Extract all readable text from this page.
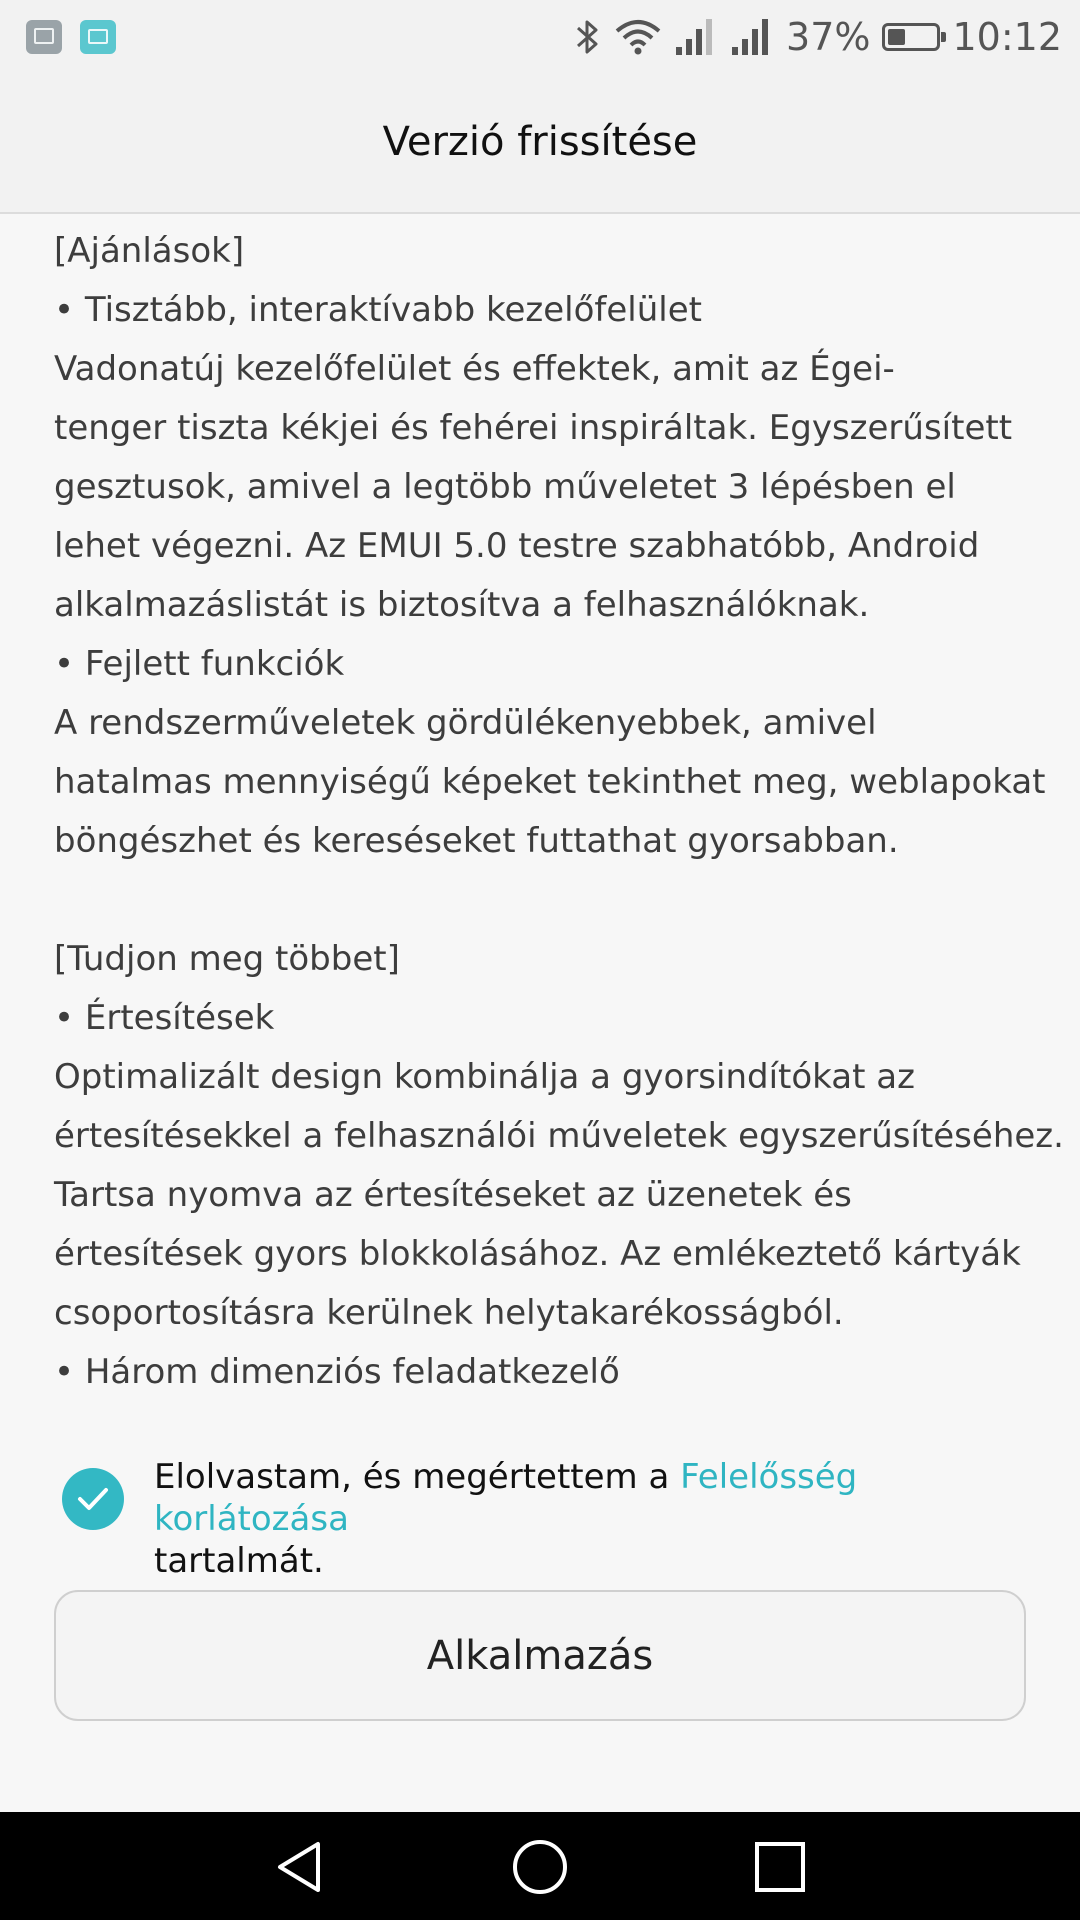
37% 10:12
Verzió frissítése
[Ajánlások]
• Tisztább, interaktívabb kezelőfelület
Vadonatúj kezelőfelület és effektek, amit az Égei-
tenger tiszta kékjei és fehérei inspiráltak. Egyszerűsített
gesztusok, amivel a legtöbb műveletet 3 lépésben el
lehet végezni. Az EMUI 5.0 testre szabhatóbb, Android
alkalmazáslistát is biztosítva a felhasználóknak.
• Fejlett funkciók
A rendszerműveletek gördülékenyebbek, amivel
hatalmas mennyiségű képeket tekinthet meg, weblapokat
böngészhet és kereséseket futtathat gyorsabban.
[Tudjon meg többet]
• Értesítések
Optimalizált design kombinálja a gyorsindítókat az
értesítésekkel a felhasználói műveletek egyszerűsítéséhez.
Tartsa nyomva az értesítéseket az üzenetek és
értesítések gyors blokkolásához. Az emlékeztető kártyák
csoportosításra kerülnek helytakarékosságból.
• Három dimenziós feladatkezelő
Elolvastam, és megértettem a Felelősség korlátozása
tartalmát.
Alkalmazás
